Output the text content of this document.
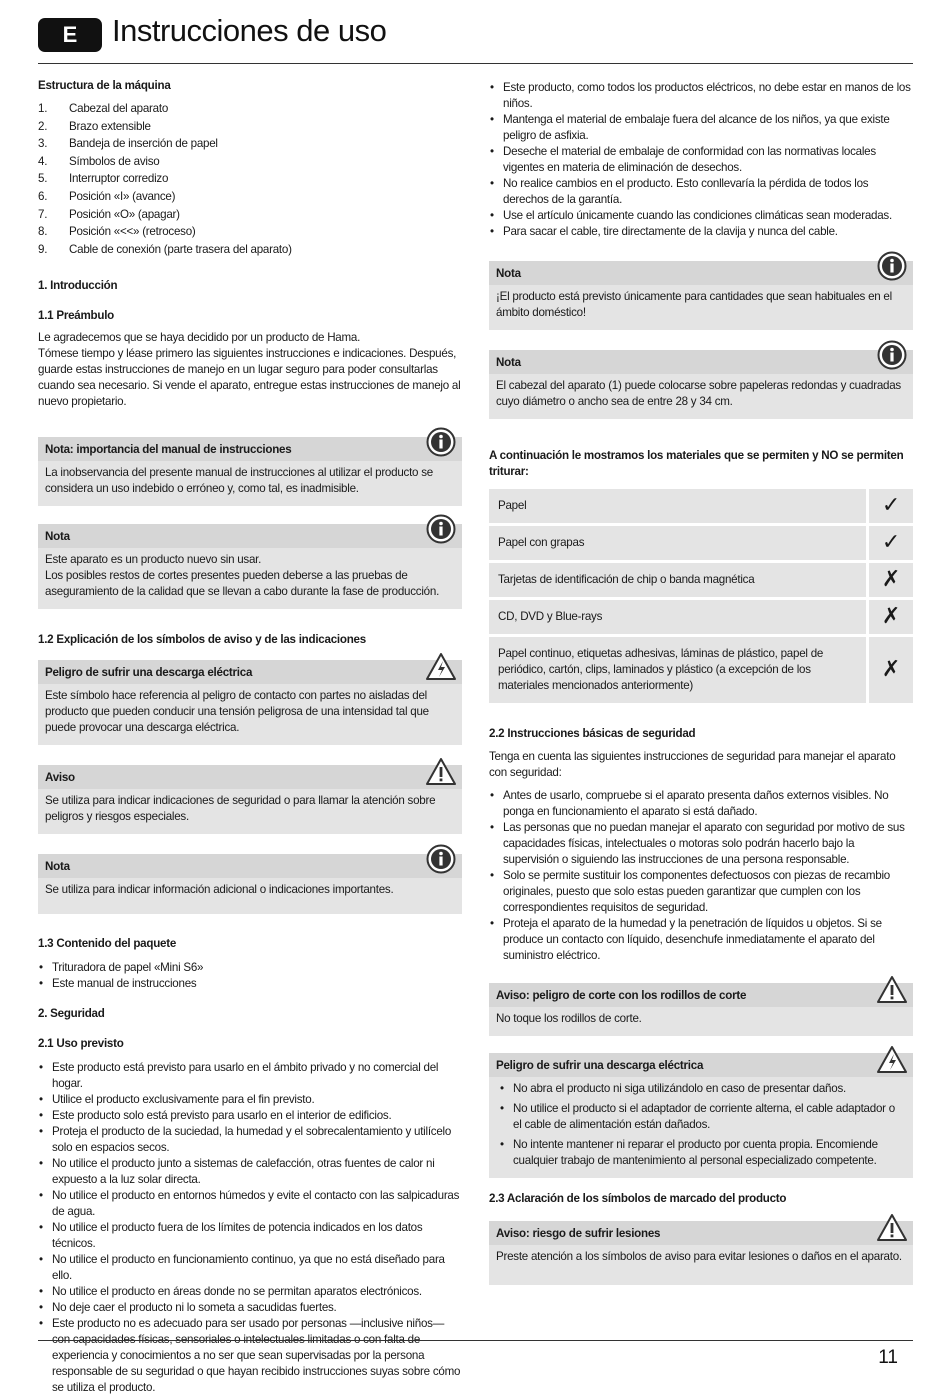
E	Instrucciones de uso
Estructura de la máquina
1.	Cabezal del aparato
2.	Brazo extensible
3.	Bandeja de inserción de papel
4.	Símbolos de aviso
5.	Interruptor corredizo
6.	Posición «I» (avance)
7.	Posición «O» (apagar)
8.	Posición «<<» (retroceso)
9.	Cable de conexión (parte trasera del aparato)
1. Introducción
1.1 Preámbulo
Le agradecemos que se haya decidido por un producto de Hama.
Tómese tiempo y léase primero las siguientes instrucciones e indicaciones. Después, guarde estas instrucciones de manejo en un lugar seguro para poder consultarlas cuando sea necesario. Si vende el aparato, entregue estas instrucciones de manejo al nuevo propietario.
Nota: importancia del manual de instrucciones
La inobservancia del presente manual de instrucciones al utilizar el producto se considera un uso indebido o erróneo y, como tal, es inadmisible.
Nota
Este aparato es un producto nuevo sin usar.
Los posibles restos de cortes presentes pueden deberse a las pruebas de aseguramiento de la calidad que se llevan a cabo durante la fase de producción.
1.2 Explicación de los símbolos de aviso y de las indicaciones
Peligro de sufrir una descarga eléctrica
Este símbolo hace referencia al peligro de contacto con partes no aisladas del producto que pueden conducir una tensión peligrosa de una intensidad tal que puede provocar una descarga eléctrica.
Aviso
Se utiliza para indicar indicaciones de seguridad o para llamar la atención sobre peligros y riesgos especiales.
Nota
Se utiliza para indicar información adicional o indicaciones importantes.
1.3 Contenido del paquete
• Trituradora de papel «Mini S6»
• Este manual de instrucciones
2. Seguridad
2.1 Uso previsto
• Este producto está previsto para usarlo en el ámbito privado y no comercial del hogar.
• Utilice el producto exclusivamente para el fin previsto.
• Este producto solo está previsto para usarlo en el interior de edificios.
• Proteja el producto de la suciedad, la humedad y el sobrecalentamiento y utilícelo solo en espacios secos.
• No utilice el producto junto a sistemas de calefacción, otras fuentes de calor ni expuesto a la luz solar directa.
• No utilice el producto en entornos húmedos y evite el contacto con las salpicaduras de agua.
• No utilice el producto fuera de los límites de potencia indicados en los datos técnicos.
• No utilice el producto en funcionamiento continuo, ya que no está diseñado para ello.
• No utilice el producto en áreas donde no se permitan aparatos electrónicos.
• No deje caer el producto ni lo someta a sacudidas fuertes.
• Este producto no es adecuado para ser usado por personas —inclusive niños— con capacidades físicas, sensoriales o intelectuales limitadas o con falta de experiencia y conocimientos a no ser que sean supervisadas por la persona responsable de su seguridad o que hayan recibido instrucciones suyas sobre cómo se utiliza el producto.
• Este producto, como todos los productos eléctricos, no debe estar en manos de los niños.
• Mantenga el material de embalaje fuera del alcance de los niños, ya que existe peligro de asfixia.
• Deseche el material de embalaje de conformidad con las normativas locales vigentes en materia de eliminación de desechos.
• No realice cambios en el producto. Esto conllevaría la pérdida de todos los derechos de la garantía.
• Use el artículo únicamente cuando las condiciones climáticas sean moderadas.
• Para sacar el cable, tire directamente de la clavija y nunca del cable.
Nota
¡El producto está previsto únicamente para cantidades que sean habituales en el ámbito doméstico!
Nota
El cabezal del aparato (1) puede colocarse sobre papeleras redondas y cuadradas cuyo diámetro o ancho sea de entre 28 y 34 cm.
A continuación le mostramos los materiales que se permiten y NO se permiten triturar:
Papel	✓
Papel con grapas	✓
Tarjetas de identificación de chip o banda magnética	✗
CD, DVD y Blue-rays	✗
Papel continuo, etiquetas adhesivas, láminas de plástico, papel de periódico, cartón, clips, laminados y plástico (a excepción de los materiales mencionados anteriormente)	✗
2.2 Instrucciones básicas de seguridad
Tenga en cuenta las siguientes instrucciones de seguridad para manejar el aparato con seguridad:
• Antes de usarlo, compruebe si el aparato presenta daños externos visibles. No ponga en funcionamiento el aparato si está dañado.
• Las personas que no puedan manejar el aparato con seguridad por motivo de sus capacidades físicas, intelectuales o motoras solo podrán hacerlo bajo la supervisión o siguiendo las instrucciones de una persona responsable.
• Solo se permite sustituir los componentes defectuosos con piezas de recambio originales, puesto que solo estas pueden garantizar que cumplen con los correspondientes requisitos de seguridad.
• Proteja el aparato de la humedad y la penetración de líquidos u objetos. Si se produce un contacto con líquido, desenchufe inmediatamente el aparato del suministro eléctrico.
Aviso: peligro de corte con los rodillos de corte
No toque los rodillos de corte.
Peligro de sufrir una descarga eléctrica
• No abra el producto ni siga utilizándolo en caso de presentar daños.
• No utilice el producto si el adaptador de corriente alterna, el cable adaptador o el cable de alimentación están dañados.
• No intente mantener ni reparar el producto por cuenta propia. Encomiende cualquier trabajo de mantenimiento al personal especializado competente.
2.3 Aclaración de los símbolos de marcado del producto
Aviso: riesgo de sufrir lesiones
Preste atención a los símbolos de aviso para evitar lesiones o daños en el aparato.
11
